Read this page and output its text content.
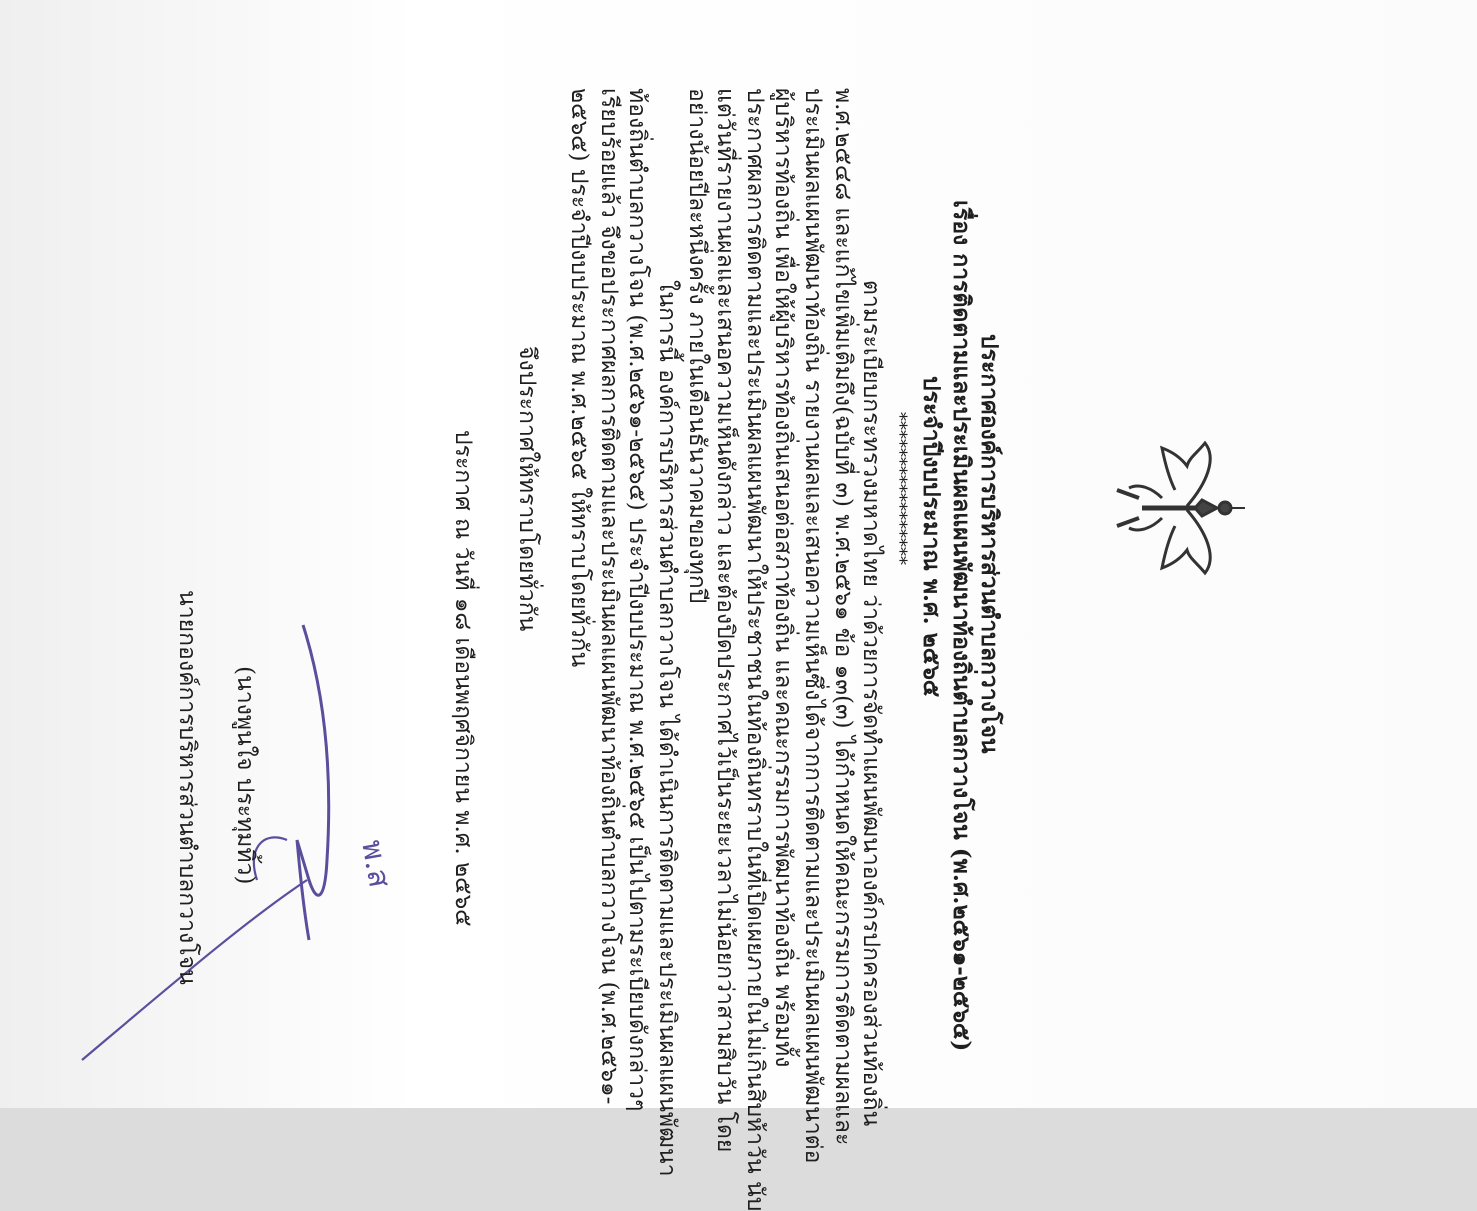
ประกาศองค์การบริหารส่วนตำบลกวางโจน
เรื่อง การติดตามและประเมินผลแผนพัฒนาท้องถิ่นตำบลกวางโจน (พ.ศ.๒๕๖๑-๒๕๖๕)
ประจำปีงบประมาณ พ.ศ. ๒๕๖๕
*****************
ตามระเบียบกระทรวงมหาดไทย ว่าด้วยการจัดทำแผนพัฒนาองค์กรปกครองส่วนท้องถิ่น
พ.ศ.๒๕๔๘ และแก้ไขเพิ่มเติมถึง(ฉบับที่ ๓) พ.ศ.๒๕๖๑ ข้อ ๑๓(๓) ได้กำหนดให้คณะกรรมการติดตามผลและ
ประเมินผลแผนพัฒนาท้องถิ่น รายงานผลและเสนอความเห็นซึ่งได้จากการติดตามและประเมินผลแผนพัฒนาต่อ
ผู้บริหารท้องถิ่น เพื่อให้ผู้บริหารท้องถิ่นเสนอต่อสภาท้องถิ่น และคณะกรรมการพัฒนาท้องถิ่น พร้อมทั้ง
ประกาศผลการติดตามและประเมินผลแผนพัฒนาให้ประชาชนในท้องถิ่นทราบในที่เปิดเผยภายในไม่เกินสิบห้าวัน นับ
แต่วันที่รายงานผลและเสนอความเห็นดังกล่าว และต้องปิดประกาศไว้เป็นระยะเวลาไม่น้อยกว่าสามสิบวัน โดย
อย่างน้อยปีละหนึ่งครั้ง ภายในเดือนธันวาคมของทุกปี
ในการนี้ องค์การบริหารส่วนตำบลกวางโจน ได้ดำเนินการติดตามและประเมินผลแผนพัฒนา
ท้องถิ่นตำบลกวางโจน (พ.ศ.๒๕๖๑-๒๕๖๕) ประจำปีงบประมาณ พ.ศ.๒๕๖๕ เป็นไปตามระเบียบดังกล่าวๆ
เรียบร้อยแล้ว จึงขอประกาศผลการติดตามและประเมินผลแผนพัฒนาท้องถิ่นตำบลกวางโจน (พ.ศ.๒๕๖๑-
๒๕๖๕) ประจำปีงบประมาณ พ.ศ.๒๕๖๕ ให้ทราบโดยทั่วกัน
จึงประกาศให้ทราบโดยทั่วกัน
ประกาศ ณ วันที่ ๑๘ เดือนพฤศจิกายน พ.ศ. ๒๕๖๕
พ.ส
(นางพูนใจ ประทุมทิ้ว)
นายกองค์การบริหารส่วนตำบลกวางโจน
